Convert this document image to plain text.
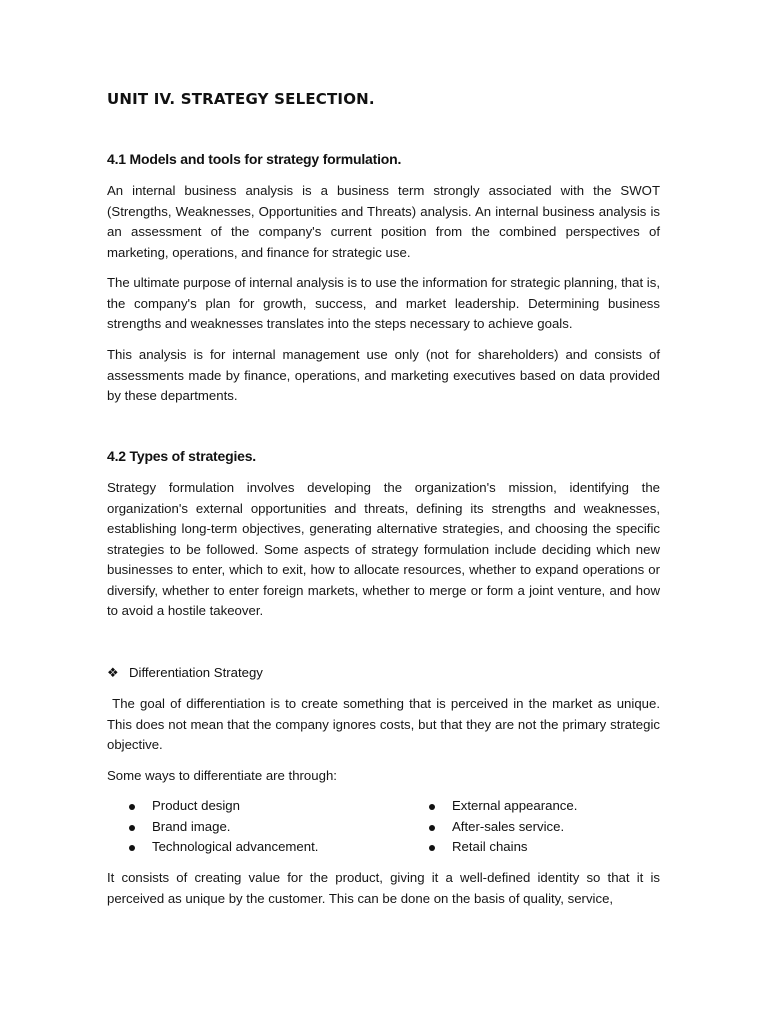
UNIT IV. STRATEGY SELECTION.
4.1 Models and tools for strategy formulation.

An internal business analysis is a business term strongly associated with the SWOT (Strengths, Weaknesses, Opportunities and Threats) analysis. An internal business analysis is an assessment of the company's current position from the combined perspectives of marketing, operations, and finance for strategic use.

The ultimate purpose of internal analysis is to use the information for strategic planning, that is, the company's plan for growth, success, and market leadership. Determining business strengths and weaknesses translates into the steps necessary to achieve goals.

This analysis is for internal management use only (not for shareholders) and consists of assessments made by finance, operations, and marketing executives based on data provided by these departments.

4.2 Types of strategies.

Strategy formulation involves developing the organization's mission, identifying the organization's external opportunities and threats, defining its strengths and weaknesses, establishing long-term objectives, generating alternative strategies, and choosing the specific strategies to be followed. Some aspects of strategy formulation include deciding which new businesses to enter, which to exit, how to allocate resources, whether to expand operations or diversify, whether to enter foreign markets, whether to merge or form a joint venture, and how to avoid a hostile takeover.

❖ Differentiation Strategy

The goal of differentiation is to create something that is perceived in the market as unique. This does not mean that the company ignores costs, but that they are not the primary strategic objective.

Some ways to differentiate are through:

Product design
Brand image.
Technological advancement.
External appearance.
After-sales service.
Retail chains

It consists of creating value for the product, giving it a well-defined identity so that it is perceived as unique by the customer. This can be done on the basis of quality, service,
